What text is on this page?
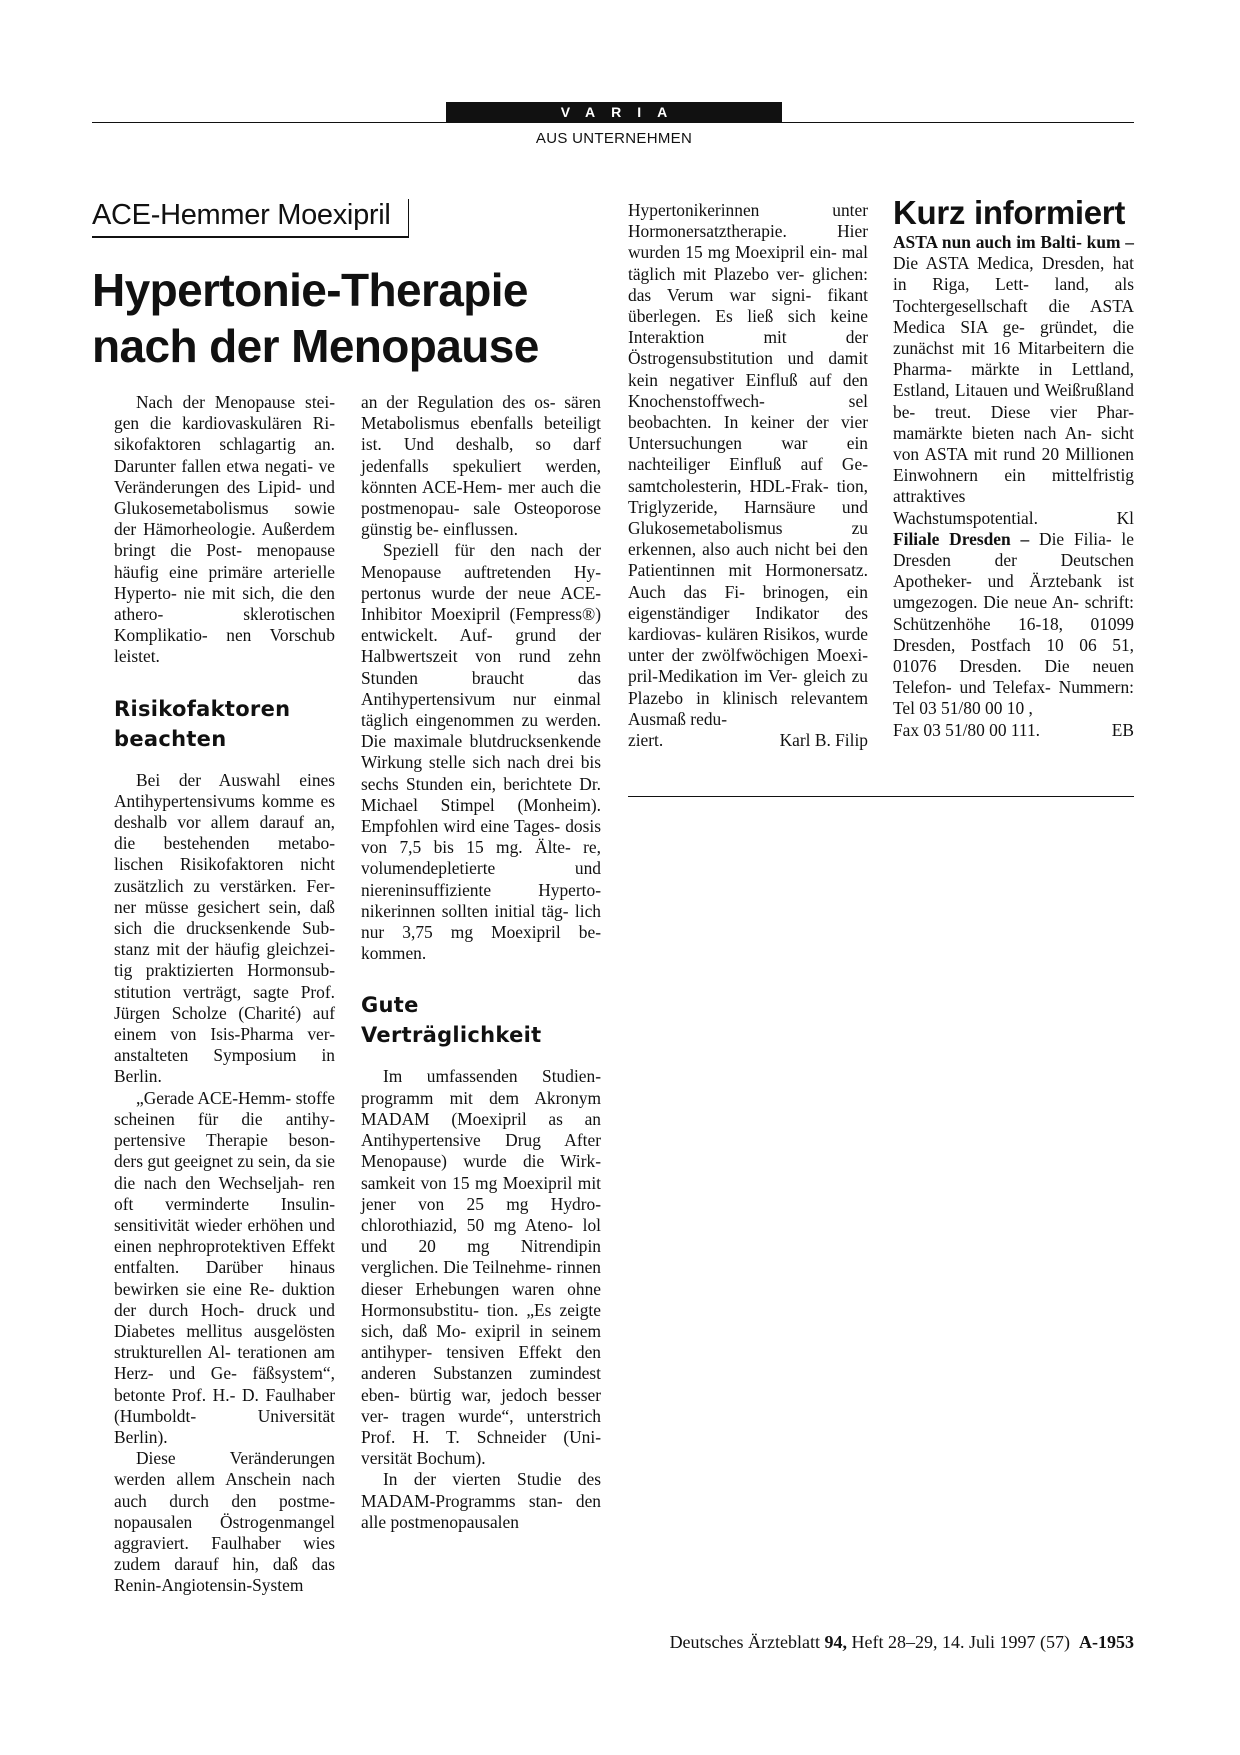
VARIA
AUS UNTERNEHMEN
ACE-Hemmer Moexipril
Hypertonie-Therapie
nach der Menopause

Nach der Menopause stei- gen die kardiovaskulären Ri- sikofaktoren schlagartig an. Darunter fallen etwa negati- ve Veränderungen des Lipid- und Glukosemetabolismus sowie der Hämorheologie. Außerdem bringt die Post- menopause häufig eine primäre arterielle Hyperto- nie mit sich, die den athero- sklerotischen Komplikatio- nen Vorschub leistet.

Risikofaktoren
beachten

Bei der Auswahl eines Antihypertensivums komme es deshalb vor allem darauf an, die bestehenden metabo- lischen Risikofaktoren nicht zusätzlich zu verstärken. Fer- ner müsse gesichert sein, daß sich die drucksenkende Sub- stanz mit der häufig gleichzei- tig praktizierten Hormonsub- stitution verträgt, sagte Prof. Jürgen Scholze (Charité) auf einem von Isis-Pharma ver- anstalteten Symposium in Berlin.

„Gerade ACE-Hemm- stoffe scheinen für die antihy- pertensive Therapie beson- ders gut geeignet zu sein, da sie die nach den Wechseljah- ren oft verminderte Insulin- sensitivität wieder erhöhen und einen nephroprotektiven Effekt entfalten. Darüber hinaus bewirken sie eine Re- duktion der durch Hoch- druck und Diabetes mellitus ausgelösten strukturellen Al- terationen am Herz- und Ge- fäßsystem“, betonte Prof. H.- D. Faulhaber (Humboldt- Universität Berlin).

Diese Veränderungen werden allem Anschein nach auch durch den postme- nopausalen Östrogenmangel aggraviert. Faulhaber wies zudem darauf hin, daß das Renin-Angiotensin-System

an der Regulation des os- sären Metabolismus ebenfalls beteiligt ist. Und deshalb, so darf jedenfalls spekuliert werden, könnten ACE-Hem- mer auch die postmenopau- sale Osteoporose günstig be- einflussen.

Speziell für den nach der Menopause auftretenden Hy- pertonus wurde der neue ACE-Inhibitor Moexipril (Fempress®) entwickelt. Auf- grund der Halbwertszeit von rund zehn Stunden braucht das Antihypertensivum nur einmal täglich eingenommen zu werden. Die maximale blutdrucksenkende Wirkung stelle sich nach drei bis sechs Stunden ein, berichtete Dr. Michael Stimpel (Monheim). Empfohlen wird eine Tages- dosis von 7,5 bis 15 mg. Älte- re, volumendepletierte und niereninsuffiziente Hyperto- nikerinnen sollten initial täg- lich nur 3,75 mg Moexipril be- kommen.

Gute
Verträglichkeit

Im umfassenden Studien- programm mit dem Akronym MADAM (Moexipril as an Antihypertensive Drug After Menopause) wurde die Wirk- samkeit von 15 mg Moexipril mit jener von 25 mg Hydro- chlorothiazid, 50 mg Ateno- lol und 20 mg Nitrendipin verglichen. Die Teilnehme- rinnen dieser Erhebungen waren ohne Hormonsubstitu- tion. „Es zeigte sich, daß Mo- exipril in seinem antihyper- tensiven Effekt den anderen Substanzen zumindest eben- bürtig war, jedoch besser ver- tragen wurde“, unterstrich Prof. H. T. Schneider (Uni- versität Bochum).

In der vierten Studie des MADAM-Programms stan- den alle postmenopausalen

Hypertonikerinnen unter Hormonersatztherapie. Hier wurden 15 mg Moexipril ein- mal täglich mit Plazebo ver- glichen: das Verum war signi- fikant überlegen. Es ließ sich keine Interaktion mit der Östrogensubstitution und damit kein negativer Einfluß auf den Knochenstoffwech- sel beobachten. In keiner der vier Untersuchungen war ein nachteiliger Einfluß auf Ge- samtcholesterin, HDL-Frak- tion, Triglyzeride, Harnsäure und Glukosemetabolismus zu erkennen, also auch nicht bei den Patientinnen mit Hormonersatz. Auch das Fi- brinogen, ein eigenständiger Indikator des kardiovas- kulären Risikos, wurde unter der zwölfwöchigen Moexi- pril-Medikation im Ver- gleich zu Plazebo in klinisch relevantem Ausmaß redu-

ziert.	Karl B. Filip
Kurz informiert

ASTA nun auch im Balti- kum – Die ASTA Medica, Dresden, hat in Riga, Lett- land, als Tochtergesellschaft die ASTA Medica SIA ge- gründet, die zunächst mit 16 Mitarbeitern die Pharma- märkte in Lettland, Estland, Litauen und Weißrußland be- treut. Diese vier Phar- mamärkte bieten nach An- sicht von ASTA mit rund 20 Millionen Einwohnern ein mittelfristig attraktives

Wachstumspotential.	Kl

Filiale Dresden – Die Filia- le Dresden der Deutschen Apotheker- und Ärztebank ist umgezogen. Die neue An- schrift: Schützenhöhe 16-18, 01099 Dresden, Postfach 10 06 51, 01076 Dresden. Die neuen Telefon- und Telefax- Nummern: Tel 03 51/80 00 10 ,

Fax 03 51/80 00 111.	EB
Deutsches Ärzteblatt 94, Heft 28–29, 14. Juli 1997 (57) A-1953
